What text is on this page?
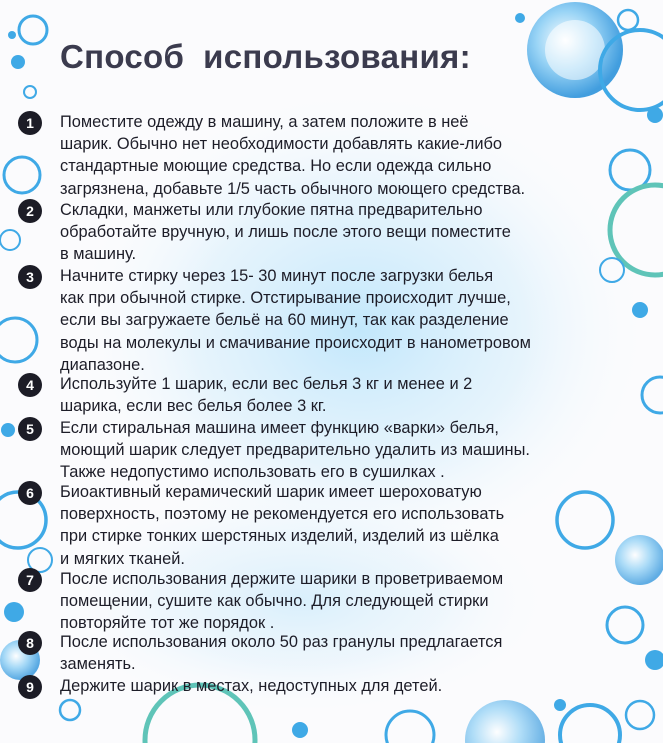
Способ  использования:
1	Поместите одежду в машину, а затем положите в неё
шарик. Обычно нет необходимости добавлять какие-либо
стандартные моющие средства. Но если одежда сильно
загрязнена, добавьте 1/5 часть обычного моющего средства.

2	Складки, манжеты или глубокие пятна предварительно
обработайте вручную, и лишь после этого вещи поместите
в машину.

3	Начните стирку через 15- 30 минут после загрузки белья
как при обычной стирке. Отстирывание происходит лучше,
если вы загружаете бельё на 60 минут, так как разделение
воды на молекулы и смачивание происходит в нанометровом
диапазоне.

4	Используйте 1 шарик, если вес белья 3 кг и менее и 2
шарика, если вес белья более 3 кг.

5	Если стиральная машина имеет функцию «варки» белья,
моющий шарик следует предварительно удалить из машины.
Также недопустимо использовать его в сушилках .

6	Биоактивный керамический шарик имеет шероховатую
поверхность, поэтому не рекомендуется его использовать
при стирке тонких шерстяных изделий, изделий из шёлка
и мягких тканей.

7	После использования держите шарики в проветриваемом
помещении, сушите как обычно. Для следующей стирки
повторяйте тот же порядок .

8	После использования около 50 раз гранулы предлагается
заменять.

9	Держите шарик в местах, недоступных для детей.
